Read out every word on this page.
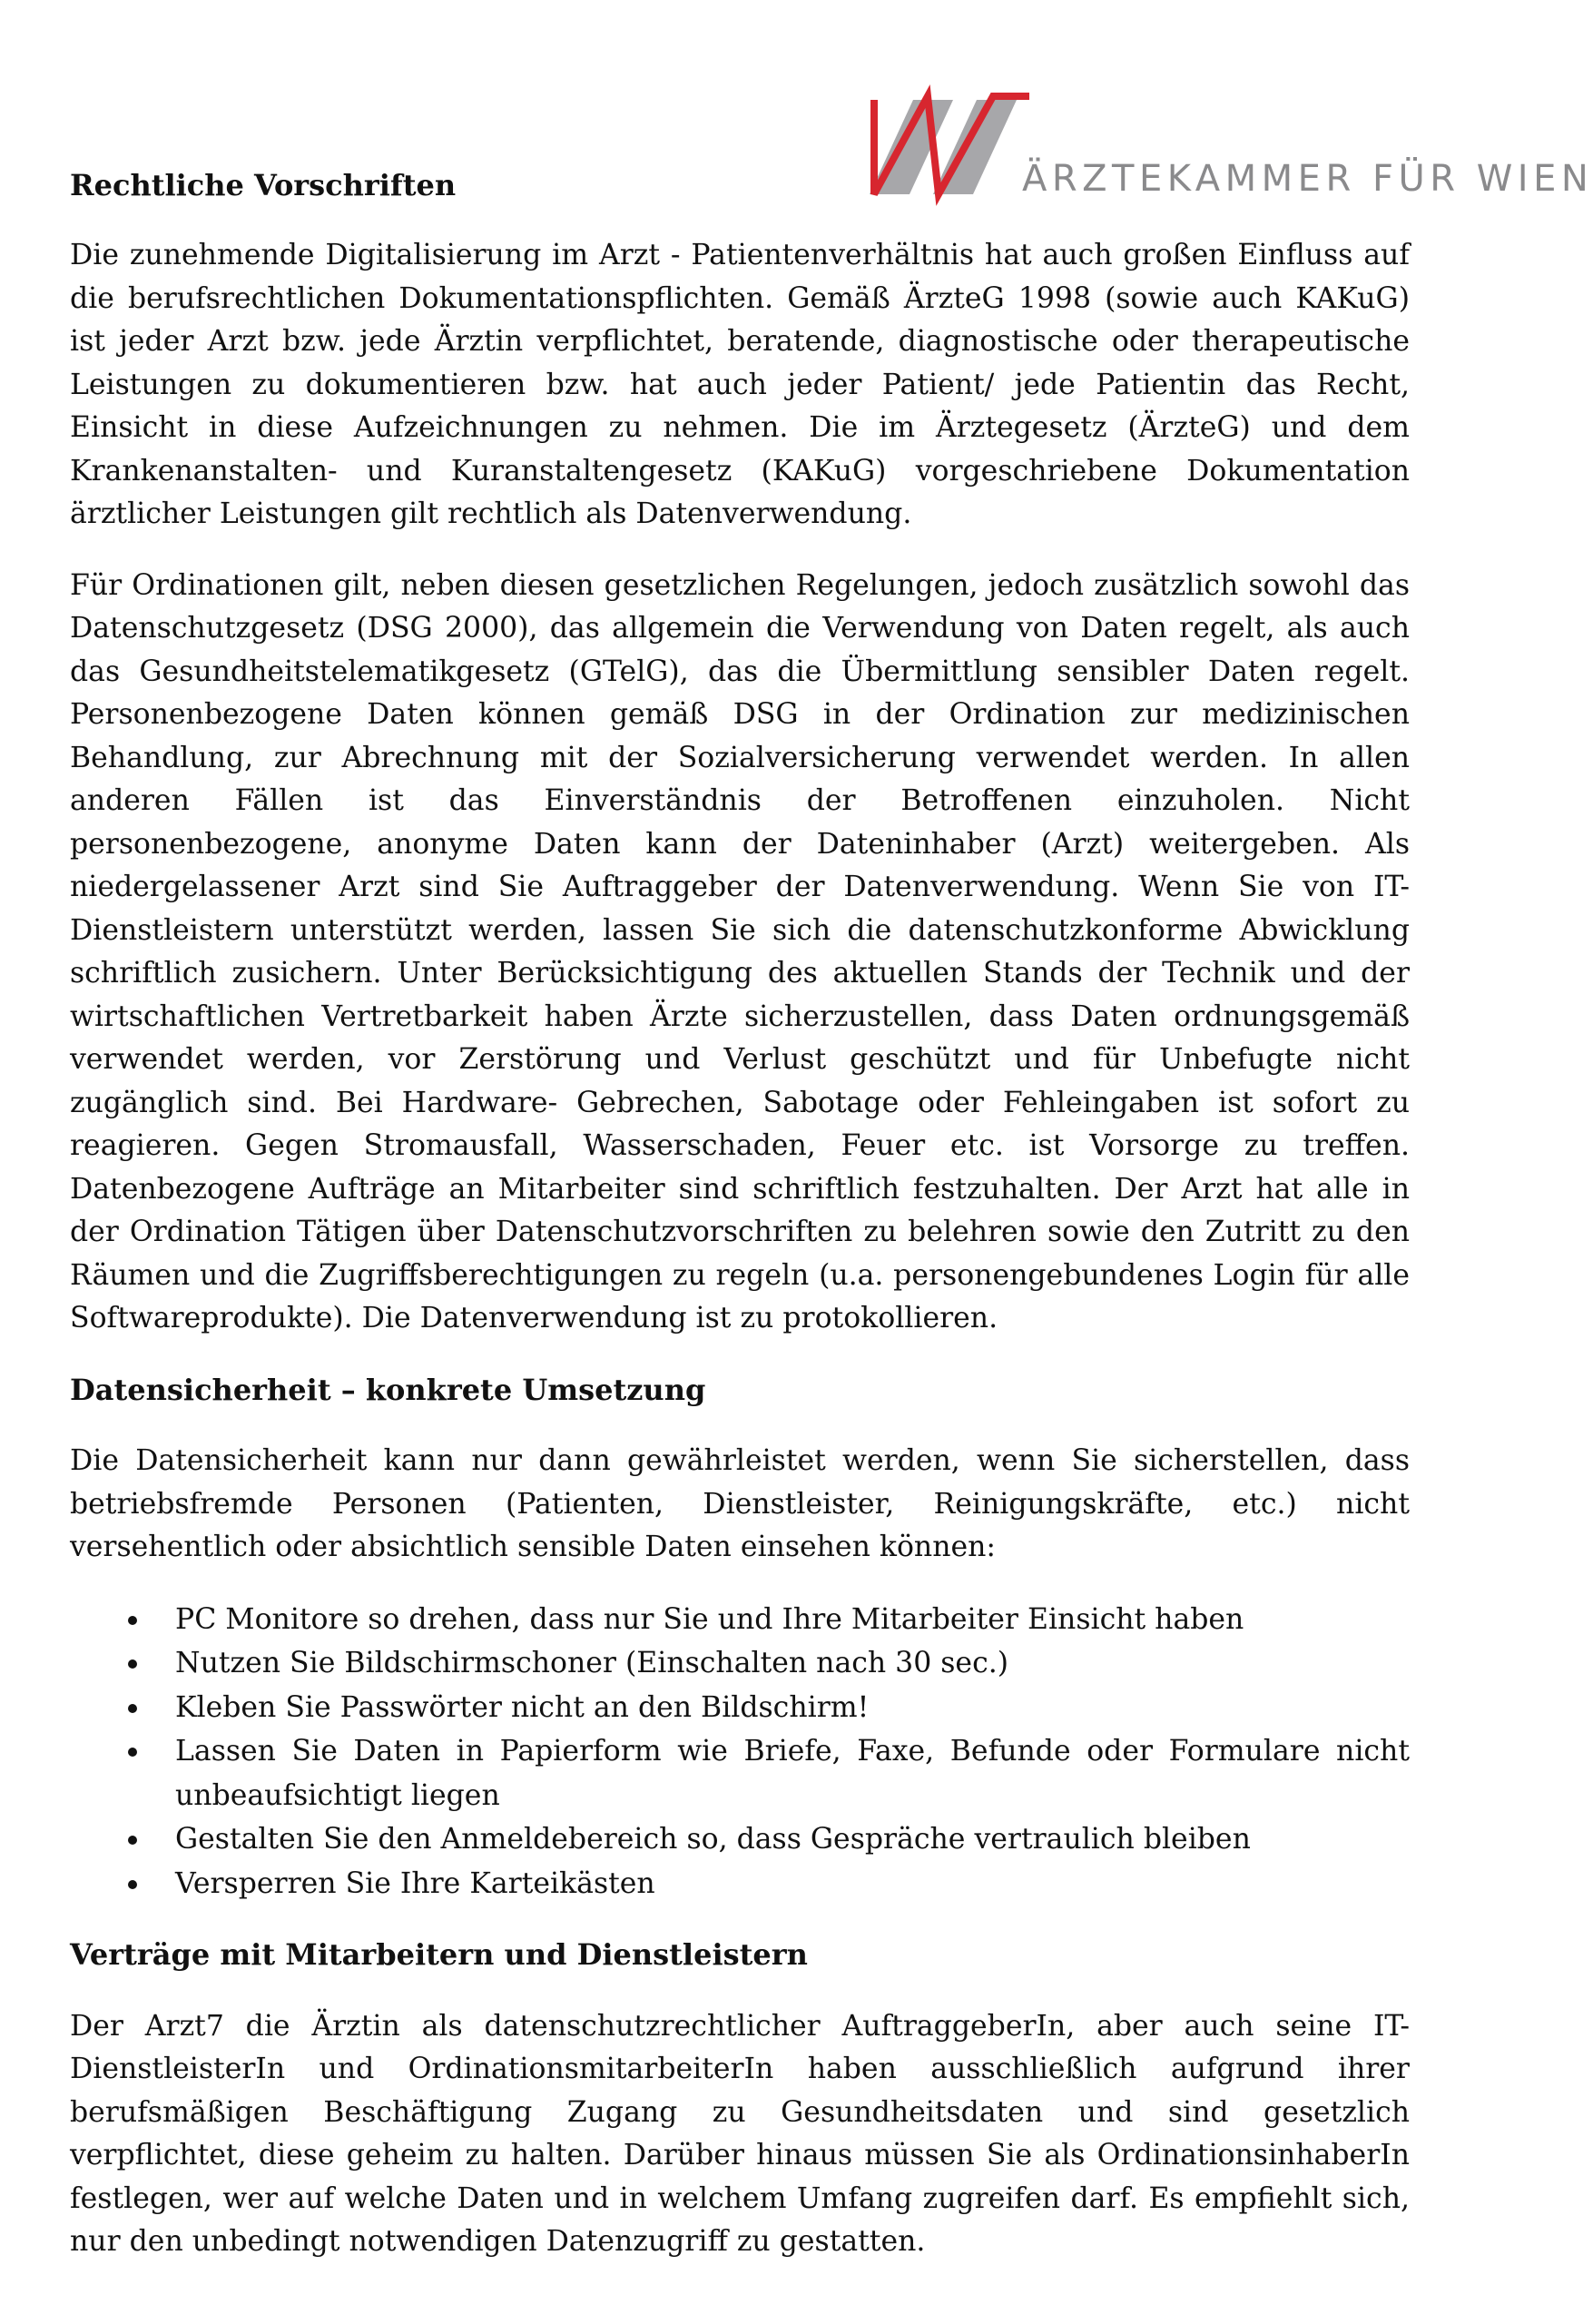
ÄRZTEKAMMER FÜR WIEN
Rechtliche Vorschriften

Die zunehmende Digitalisierung im Arzt - Patientenverhältnis hat auch großen Einfluss auf die berufsrechtlichen Dokumentationspflichten. Gemäß ÄrzteG 1998 (sowie auch KAKuG) ist jeder Arzt bzw. jede Ärztin verpflichtet, beratende, diagnostische oder therapeutische Leistungen zu dokumentieren bzw. hat auch jeder Patient/ jede Patientin das Recht, Einsicht in diese Aufzeichnungen zu nehmen. Die im Ärztegesetz (ÄrzteG) und dem Krankenanstalten- und Kuranstaltengesetz (KAKuG) vorgeschriebene Dokumentation ärztlicher Leistungen gilt rechtlich als Datenverwendung.

Für Ordinationen gilt, neben diesen gesetzlichen Regelungen, jedoch zusätzlich sowohl das Datenschutzgesetz (DSG 2000), das allgemein die Verwendung von Daten regelt, als auch das Gesundheitstelematikgesetz (GTelG), das die Übermittlung sensibler Daten regelt. Personenbezogene Daten können gemäß DSG in der Ordination zur medizinischen Behandlung, zur Abrechnung mit der Sozialversicherung verwendet werden. In allen anderen Fällen ist das Einverständnis der Betroffenen einzuholen. Nicht personenbezogene, anonyme Daten kann der Dateninhaber (Arzt) weitergeben. Als niedergelassener Arzt sind Sie Auftraggeber der Datenverwendung. Wenn Sie von IT-Dienstleistern unterstützt werden, lassen Sie sich die datenschutzkonforme Abwicklung schriftlich zusichern. Unter Berücksichtigung des aktuellen Stands der Technik und der wirtschaftlichen Vertretbarkeit haben Ärzte sicherzustellen, dass Daten ordnungsgemäß verwendet werden, vor Zerstörung und Verlust geschützt und für Unbefugte nicht zugänglich sind. Bei Hardware- Gebrechen, Sabotage oder Fehleingaben ist sofort zu reagieren. Gegen Stromausfall, Wasserschaden, Feuer etc. ist Vorsorge zu treffen. Datenbezogene Aufträge an Mitarbeiter sind schriftlich festzuhalten. Der Arzt hat alle in der Ordination Tätigen über Datenschutzvorschriften zu belehren sowie den Zutritt zu den Räumen und die Zugriffsberechtigungen zu regeln (u.a. personengebundenes Login für alle Softwareprodukte). Die Datenverwendung ist zu protokollieren.

Datensicherheit – konkrete Umsetzung

Die Datensicherheit kann nur dann gewährleistet werden, wenn Sie sicherstellen, dass betriebsfremde Personen (Patienten, Dienstleister, Reinigungskräfte, etc.) nicht versehentlich oder absichtlich sensible Daten einsehen können:

PC Monitore so drehen, dass nur Sie und Ihre Mitarbeiter Einsicht haben
Nutzen Sie Bildschirmschoner (Einschalten nach 30 sec.)
Kleben Sie Passwörter nicht an den Bildschirm!
Lassen Sie Daten in Papierform wie Briefe, Faxe, Befunde oder Formulare nicht unbeaufsichtigt liegen
Gestalten Sie den Anmeldebereich so, dass Gespräche vertraulich bleiben
Versperren Sie Ihre Karteikästen
Verträge mit Mitarbeitern und Dienstleistern

Der Arzt7 die Ärztin als datenschutzrechtlicher AuftraggeberIn, aber auch seine IT-DienstleisterIn und OrdinationsmitarbeiterIn haben ausschließlich aufgrund ihrer berufsmäßigen Beschäftigung Zugang zu Gesundheitsdaten und sind gesetzlich verpflichtet, diese geheim zu halten. Darüber hinaus müssen Sie als OrdinationsinhaberIn festlegen, wer auf welche Daten und in welchem Umfang zugreifen darf. Es empfiehlt sich, nur den unbedingt notwendigen Datenzugriff zu gestatten.
